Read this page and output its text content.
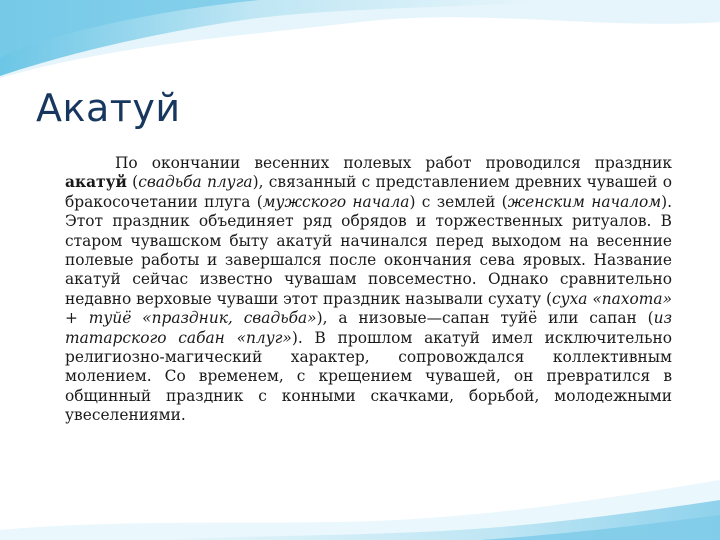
Акатуй

По окончании весенних полевых работ проводился праздник акатуй (свадьба плуга), связанный с представлением древних чувашей о бракосочетании плуга (мужского начала) с землей (женским началом). Этот праздник объединяет ряд обрядов и торжественных ритуалов. В старом чувашском быту акатуй начинался перед выходом на весенние полевые работы и завершался после окончания сева яровых. Название акатуй сейчас известно чувашам повсеместно. Однако сравнительно недавно верховые чуваши этот праздник называли сухату (суха «пахота» + туйё «праздник, свадьба»), а низовые—сапан туйё или сапан (из татарского сабан «плуг»). В прошлом акатуй имел исключительно религиозно-магический характер, сопровождался коллективным молением. Со временем, с крещением чувашей, он превратился в общинный праздник с конными скачками, борьбой, молодежными увеселениями.
